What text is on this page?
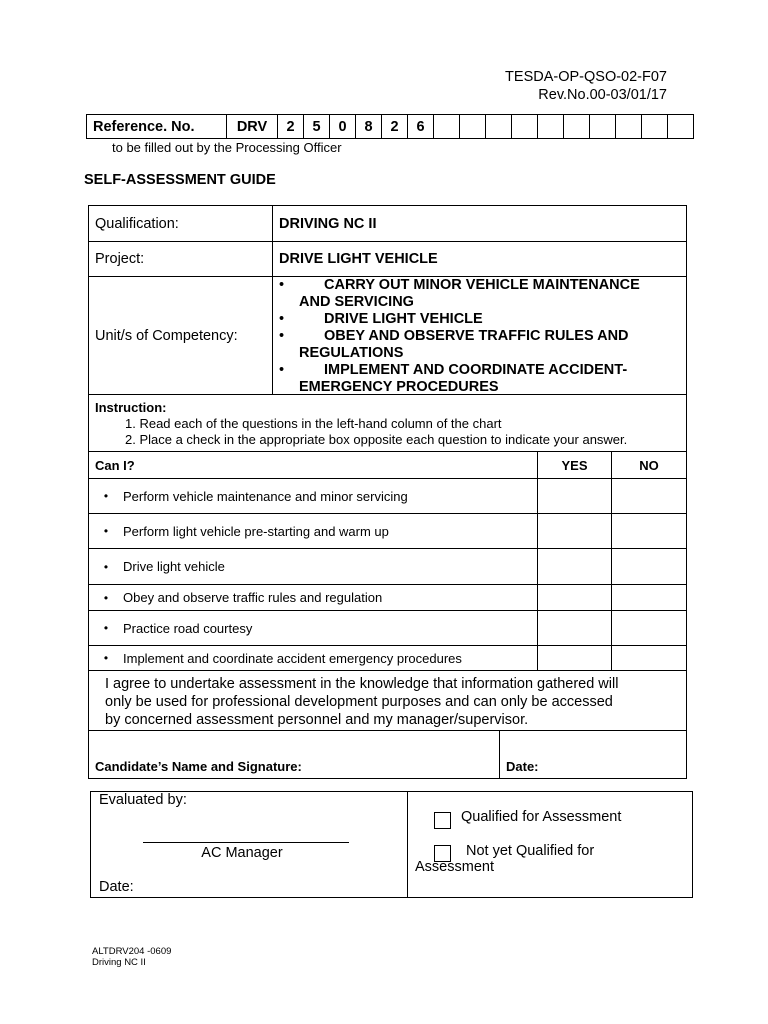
TESDA-OP-QSO-02-F07
Rev.No.00-03/01/17
Reference. No.	DRV	2	5	0	8	2	6										
to be filled out by the Processing Officer
SELF-ASSESSMENT GUIDE
Qualification:	DRIVING NC II
Project:	DRIVE LIGHT VEHICLE
Unit/s of Competency:
•	CARRY OUT MINOR VEHICLE MAINTENANCE
AND SERVICING
•	DRIVE LIGHT VEHICLE
•	OBEY AND OBSERVE TRAFFIC RULES AND
REGULATIONS
•	IMPLEMENT AND COORDINATE ACCIDENT-
EMERGENCY PROCEDURES
Instruction:
1. Read each of the questions in the left-hand column of the chart
2. Place a check in the appropriate box opposite each question to indicate your answer.
Can I?	YES	NO
•	Perform vehicle maintenance and minor servicing
•	Perform light vehicle pre-starting and warm up
•	Drive light vehicle
•	Obey and observe traffic rules and regulation
•	Practice road courtesy
•	Implement and coordinate accident emergency procedures
I agree to undertake assessment in the knowledge that information gathered will
only be used for professional development purposes and can only be accessed
by concerned assessment personnel and my manager/supervisor.
Candidate’s Name and Signature:	Date:
Evaluated by:
AC Manager
Date:
Qualified for Assessment
Not yet Qualified for
Assessment
ALTDRV204 -0609
Driving NC II
